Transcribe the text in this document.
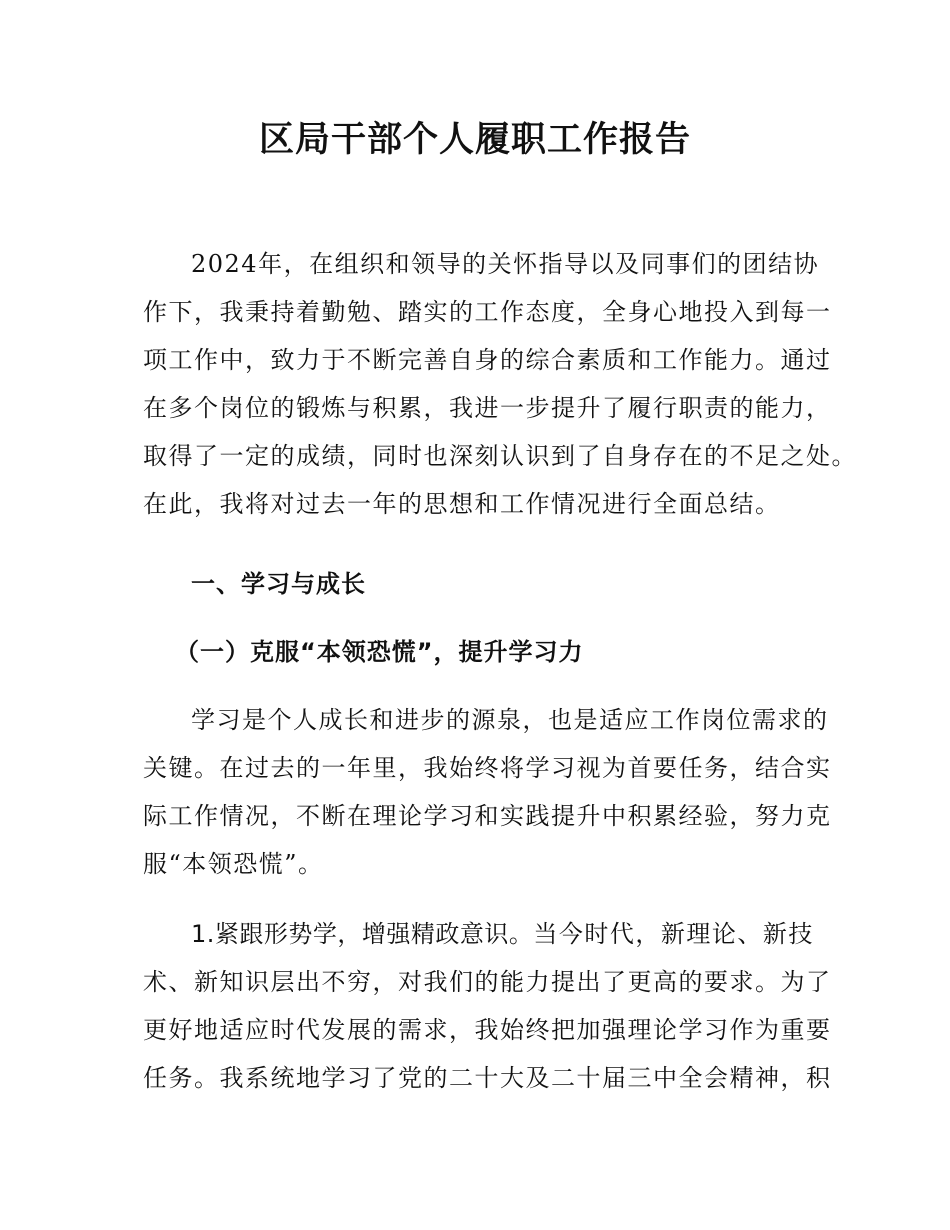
区局干部个人履职工作报告

2024年，在组织和领导的关怀指导以及同事们的团结协

作下，我秉持着勤勉、踏实的工作态度，全身心地投入到每一

项工作中，致力于不断完善自身的综合素质和工作能力。通过

在多个岗位的锻炼与积累，我进一步提升了履行职责的能力，

取得了一定的成绩，同时也深刻认识到了自身存在的不足之处。

在此，我将对过去一年的思想和工作情况进行全面总结。

一、学习与成长

（一）克服“本领恐慌”，提升学习力

学习是个人成长和进步的源泉，也是适应工作岗位需求的

关键。在过去的一年里，我始终将学习视为首要任务，结合实

际工作情况，不断在理论学习和实践提升中积累经验，努力克

服“本领恐慌”。

1.紧跟形势学，增强精政意识。当今时代，新理论、新技

术、新知识层出不穷，对我们的能力提出了更高的要求。为了

更好地适应时代发展的需求，我始终把加强理论学习作为重要

任务。我系统地学习了党的二十大及二十届三中全会精神，积
